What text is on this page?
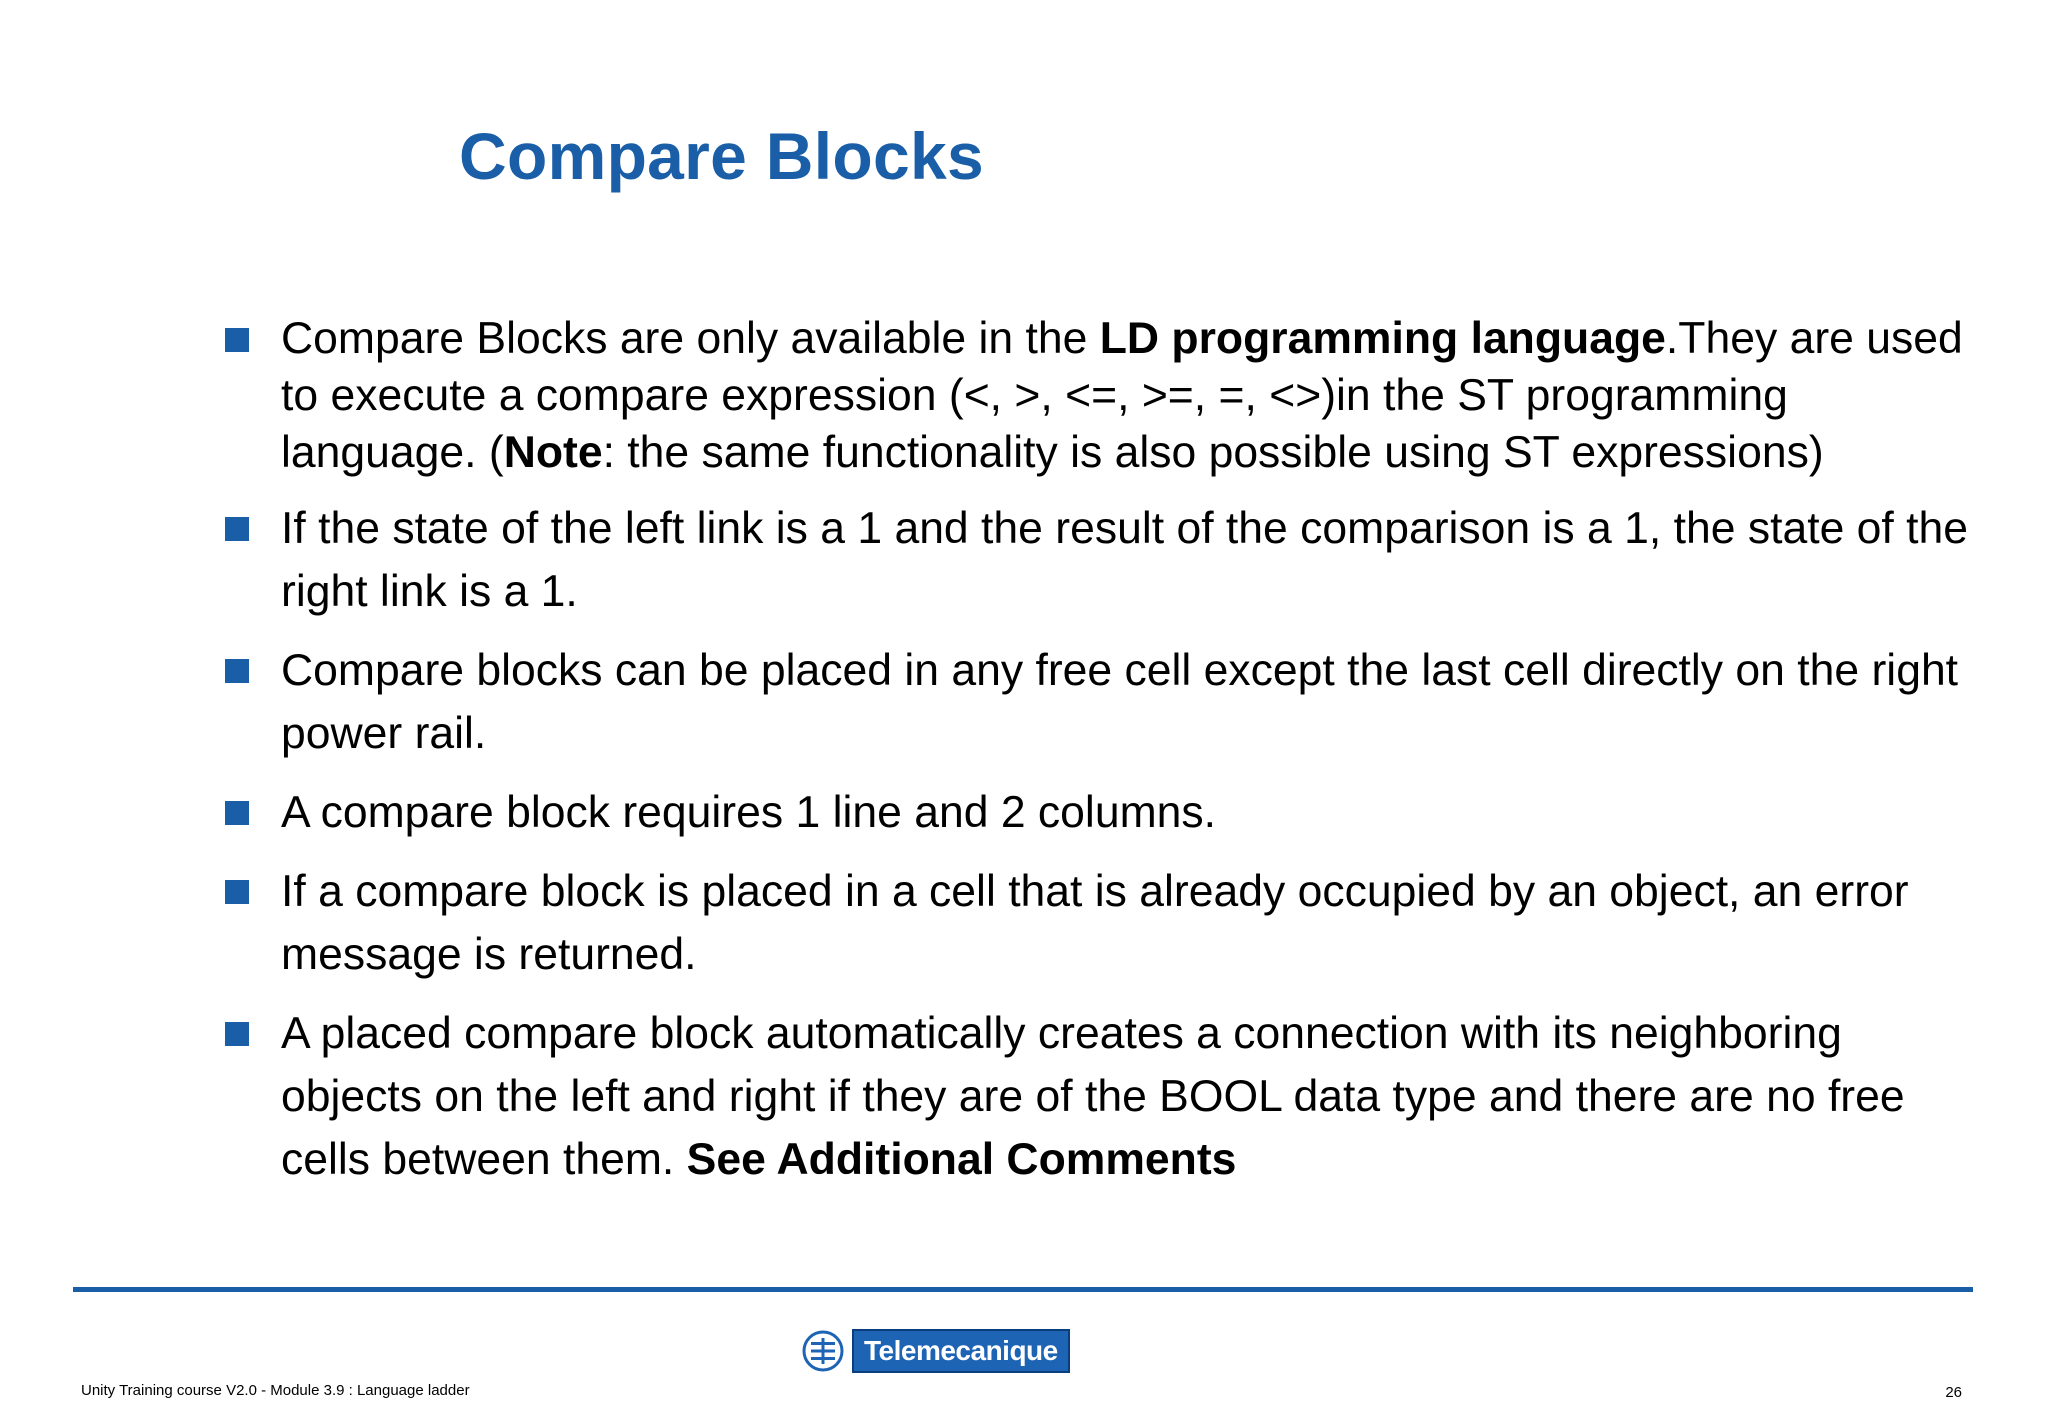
Compare Blocks
Compare Blocks are only available in the LD programming language.They are used to execute a compare expression (<, >, <=, >=, =, <>)in the ST programming language. (Note: the same functionality is also possible using ST expressions)
If the state of the left link is a 1 and the result of the comparison is a 1, the state of the right link is a 1.
Compare blocks can be placed in any free cell except the last cell directly on the right power rail.
A compare block requires 1 line and 2 columns.
If a compare block is placed in a cell that is already occupied by an object, an error message is returned.
A placed compare block automatically creates a connection with its neighboring objects on the left and right if they are of the BOOL data type and there are no free cells between them. See Additional Comments
Telemecanique
Unity Training course V2.0 - Module 3.9 : Language ladder	26
